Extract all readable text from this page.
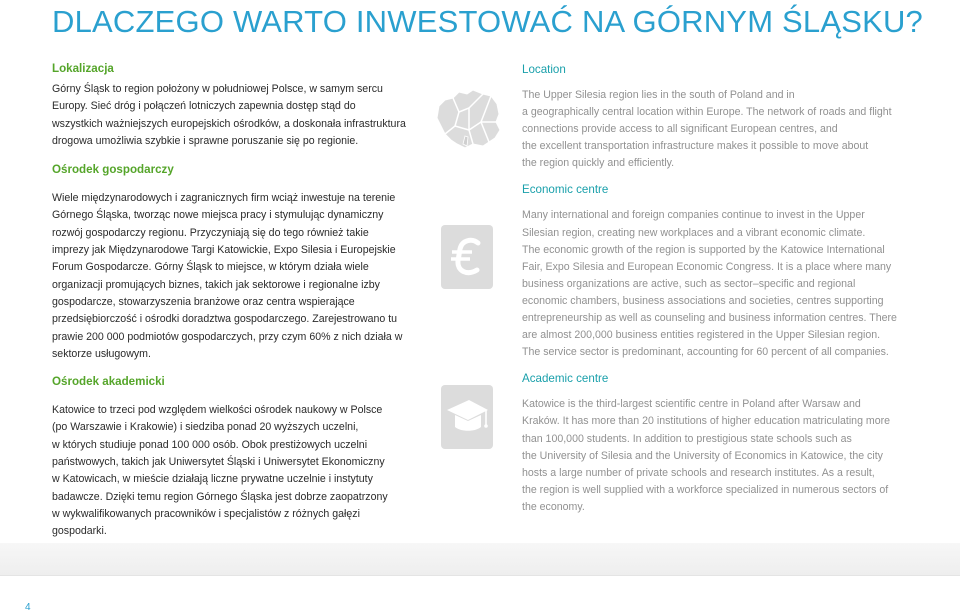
DLACZEGO WARTO INWESTOWAĆ NA GÓRNYM ŚLĄSKU?

Lokalizacja

Górny Śląsk to region położony w południowej Polsce, w samym sercu

Europy. Sieć dróg i połączeń lotniczych zapewnia dostęp stąd do

wszystkich ważniejszych europejskich ośrodków, a doskonała infrastruktura

drogowa umożliwia szybkie i sprawne poruszanie się po regionie.

Ośrodek gospodarczy

Wiele międzynarodowych i zagranicznych firm wciąż inwestuje na terenie

Górnego Śląska, tworząc nowe miejsca pracy i stymulując dynamiczny

rozwój gospodarczy regionu. Przyczyniają się do tego również takie

imprezy jak Międzynarodowe Targi Katowickie, Expo Silesia i Europejskie

Forum Gospodarcze. Górny Śląsk to miejsce, w którym działa wiele

organizacji promujących biznes, takich jak sektorowe i regionalne izby

gospodarcze, stowarzyszenia branżowe oraz centra wspierające

przedsiębiorczość i ośrodki doradztwa gospodarczego. Zarejestrowano tu

prawie 200 000 podmiotów gospodarczych, przy czym 60% z nich działa w

sektorze usługowym.

Ośrodek akademicki

Katowice to trzeci pod względem wielkości ośrodek naukowy w Polsce

(po Warszawie i Krakowie) i siedziba ponad 20 wyższych uczelni,

w których studiuje ponad 100 000 osób. Obok prestiżowych uczelni

państwowych, takich jak Uniwersytet Śląski i Uniwersytet Ekonomiczny

w Katowicach, w mieście działają liczne prywatne uczelnie i instytuty

badawcze. Dzięki temu region Górnego Śląska jest dobrze zaopatrzony

w wykwalifikowanych pracowników i specjalistów z różnych gałęzi

gospodarki.

Location

The Upper Silesia region lies in the south of Poland and in

a geographically central location within Europe. The network of roads and flight

connections provide access to all significant European centres, and

the excellent transportation infrastructure makes it possible to move about

the region quickly and efficiently.

Economic centre

Many international and foreign companies continue to invest in the Upper

Silesian region, creating new workplaces and a vibrant economic climate.

The economic growth of the region is supported by the Katowice International

Fair, Expo Silesia and European Economic Congress. It is a place where many

business organizations are active, such as sector–specific and regional

economic chambers, business associations and societies, centres supporting

entrepreneurship as well as counseling and business information centres. There

are almost 200,000 business entities registered in the Upper Silesian region.

The service sector is predominant, accounting for 60 percent of all companies.

Academic centre

Katowice is the third-largest scientific centre in Poland after Warsaw and

Kraków. It has more than 20 institutions of higher education matriculating more

than 100,000 students. In addition to prestigious state schools such as

the University of Silesia and the University of Economics in Katowice, the city

hosts a large number of private schools and research institutes. As a result,

the region is well supplied with a workforce specialized in numerous sectors of

the economy.

4
